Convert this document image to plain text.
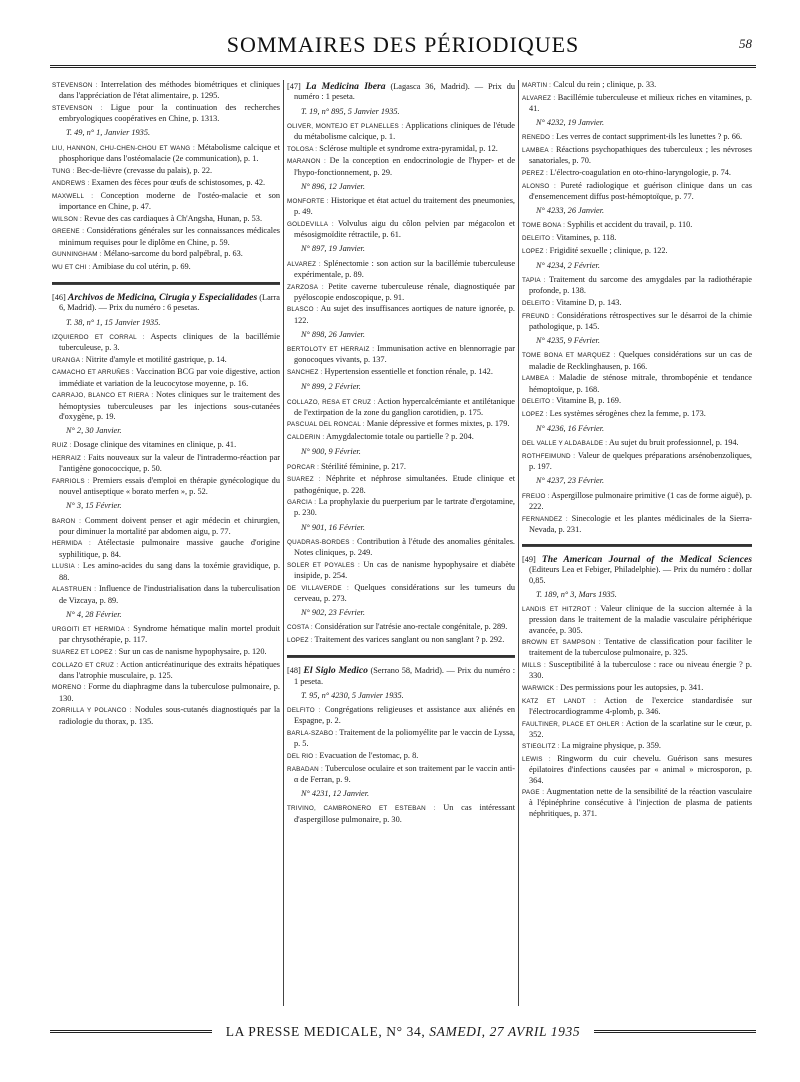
SOMMAIRES DES PÉRIODIQUES	58
STEVENSON : Interrelation des méthodes biométriques et cliniques dans l'appréciation de l'état alimentaire, p. 1295.
STEVENSON : Ligue pour la continuation des recherches embryologiques coopératives en Chine, p. 1313.
T. 49, n° 1, Janvier 1935.
LIU, HANNON, CHU-CHEN-CHOU ET WANG : Métabolisme calcique et phosphorique dans l'ostéomalacie (2e communication), p. 1.
TUNG : Bec-de-lièvre (crevasse du palais), p. 22.
ANDREWS : Examen des fèces pour œufs de schistosomes, p. 42.
MAXWELL : Conception moderne de l'ostéo-malacie et son importance en Chine, p. 47.
WILSON : Revue des cas cardiaques à Ch'Angsha, Hunan, p. 53.
GREENE : Considérations générales sur les connaissances médicales minimum requises pour le diplôme en Chine, p. 59.
GUNNINGHAM : Mélano-sarcome du bord palpébral, p. 63.
WU ET CHI : Amibiase du col utérin, p. 69.
[46] Archivos de Medicina, Cirugia y Especialidades (Larra 6, Madrid). — Prix du numéro : 6 pesetas.
T. 38, n° 1, 15 Janvier 1935.
IZQUIERDO ET CORRAL : Aspects cliniques de la bacillémie tuberculeuse, p. 3.
URANGA : Nitrite d'amyle et motilité gastrique, p. 14.
CAMACHO ET ARRUÑES : Vaccination BCG par voie digestive, action immédiate et variation de la leucocytose moyenne, p. 16.
CARRAJO, BLANCO ET RIERA : Notes cliniques sur le traitement des hémoptysies tuberculeuses par les injections sous-cutanées d'oxygène, p. 19.
N° 2, 30 Janvier.
RUIZ : Dosage clinique des vitamines en clinique, p. 41.
HERRAIZ : Faits nouveaux sur la valeur de l'intradermo-réaction par l'antigène gonococcique, p. 50.
FARRIOLS : Premiers essais d'emploi en thérapie gynécologique du nouvel antiseptique « borato merfen », p. 52.
N° 3, 15 Février.
BARON : Comment doivent penser et agir médecin et chirurgien, pour diminuer la mortalité par abdomen aigu, p. 77.
HERMIDA : Atélectasie pulmonaire massive gauche d'origine syphilitique, p. 84.
LLUSIA : Les amino-acides du sang dans la toxémie gravidique, p. 88.
ALASTRUEN : Influence de l'industrialisation dans la tuberculisation de Vizcaya, p. 89.
N° 4, 28 Février.
URGOITI ET HERMIDA : Syndrome hématique malin mortel produit par chrysothérapie, p. 117.
SUAREZ ET LOPEZ : Sur un cas de nanisme hypophysaire, p. 120.
COLLAZO ET CRUZ : Action anticréatinurique des extraits hépatiques dans l'atrophie musculaire, p. 125.
MORENO : Forme du diaphragme dans la tuberculose pulmonaire, p. 130.
ZORRILLA Y POLANCO : Nodules sous-cutanés diagnostiqués par la radiologie du thorax, p. 135.
[47] La Medicina Ibera (Lagasca 36, Madrid). — Prix du numéro : 1 peseta.
T. 19, n° 895, 5 Janvier 1935.
OLIVER, MONTEJO ET PLANELLES : Applications cliniques de l'étude du métabolisme calcique, p. 1.
TOLOSA : Sclérose multiple et syndrome extra-pyramidal, p. 12.
MARANON : De la conception en endocrinologie de l'hyper- et de l'hypo-fonctionnement, p. 29.
N° 896, 12 Janvier.
MONFORTE : Historique et état actuel du traitement des pneumonies, p. 49.
GOLDEVILLA : Volvulus aigu du côlon pelvien par mégacolon et mésosigmoïdite rétractile, p. 61.
N° 897, 19 Janvier.
ALVAREZ : Splénectomie : son action sur la bacillémie tuberculeuse expérimentale, p. 89.
ZARZOSA : Petite caverne tuberculeuse rénale, diagnostiquée par pyéloscopie endoscopique, p. 91.
BLASCO : Au sujet des insuffisances aortiques de nature ignorée, p. 122.
N° 898, 26 Janvier.
BERTOLOTY ET HERRAIZ : Immunisation active en blennorragie par gonocoques vivants, p. 137.
SANCHEZ : Hypertension essentielle et fonction rénale, p. 142.
N° 899, 2 Février.
COLLAZO, RESA ET CRUZ : Action hypercalcémiante et antilétanique de l'extirpation de la zone du ganglion carotidien, p. 175.
PASCUAL DEL RONCAL : Manie dépressive et formes mixtes, p. 179.
CALDERIN : Amygdalectomie totale ou partielle ? p. 204.
N° 900, 9 Février.
PORCAR : Stérilité féminine, p. 217.
SUAREZ : Néphrite et néphrose simultanées. Etude clinique et pathogénique, p. 228.
GARCIA : La prophylaxie du puerperium par le tartrate d'ergotamine, p. 230.
N° 901, 16 Février.
QUADRAS-BORDES : Contribution à l'étude des anomalies génitales. Notes cliniques, p. 249.
SOLER ET POYALES : Un cas de nanisme hypophysaire et diabète insipide, p. 254.
DE VILLAVERDE : Quelques considérations sur les tumeurs du cerveau, p. 273.
N° 902, 23 Février.
COSTA : Considération sur l'atrésie ano-rectale congénitale, p. 289.
LOPEZ : Traitement des varices sanglant ou non sanglant ? p. 292.
[48] El Siglo Medico (Serrano 58, Madrid). — Prix du numéro : 1 peseta.
T. 95, n° 4230, 5 Janvier 1935.
DELFITO : Congrégations religieuses et assistance aux aliénés en Espagne, p. 2.
BARLA-SZABO : Traitement de la poliomyélite par le vaccin de Lyssa, p. 5.
DEL RIO : Evacuation de l'estomac, p. 8.
RABADAN : Tuberculose oculaire et son traitement par le vaccin anti-α de Ferran, p. 9.
N° 4231, 12 Janvier.
TRIVINO, CAMBRONERO ET ESTEBAN : Un cas intéressant d'aspergillose pulmonaire, p. 30.
MARTIN : Calcul du rein ; clinique, p. 33.
ALVAREZ : Bacillémie tuberculeuse et milieux riches en vitamines, p. 41.
N° 4232, 19 Janvier.
RENEDO : Les verres de contact suppriment-ils les lunettes ? p. 66.
LAMBEA : Réactions psychopathiques des tuberculeux ; les névroses sanatoriales, p. 70.
PEREZ : L'électro-coagulation en oto-rhino-laryngologie, p. 74.
ALONSO : Pureté radiologique et guérison clinique dans un cas d'ensemencement diffus post-hémoptoïque, p. 77.
N° 4233, 26 Janvier.
TOME BONA : Syphilis et accident du travail, p. 110.
DELEITO : Vitamines, p. 118.
LOPEZ : Frigidité sexuelle ; clinique, p. 122.
N° 4234, 2 Février.
TAPIA : Traitement du sarcome des amygdales par la radiothérapie profonde, p. 138.
DELEITO : Vitamine D, p. 143.
FREUND : Considérations rétrospectives sur le désarroi de la chimie pathologique, p. 145.
N° 4235, 9 Février.
TOME BONA ET MARQUEZ : Quelques considérations sur un cas de maladie de Recklinghausen, p. 166.
LAMBEA : Maladie de sténose mitrale, thrombopénie et tendance hémoptoïque, p. 168.
DELEITO : Vitamine B, p. 169.
LOPEZ : Les systèmes sérogènes chez la femme, p. 173.
N° 4236, 16 Février.
DEL VALLE Y ALDABALDE : Au sujet du bruit professionnel, p. 194.
ROTHFEIMUND : Valeur de quelques préparations arsénobenzoliques, p. 197.
N° 4237, 23 Février.
FREIJO : Aspergillose pulmonaire primitive (1 cas de forme aiguë), p. 222.
FERNANDEZ : Sinecologie et les plantes médicinales de la Sierra-Nevada, p. 231.
[49] The American Journal of the Medical Sciences (Editeurs Lea et Febiger, Philadelphie). — Prix du numéro : dollar 0,85.
T. 189, n° 3, Mars 1935.
LANDIS ET HITZROT : Valeur clinique de la succion alternée à la pression dans le traitement de la maladie vasculaire périphérique avancée, p. 305.
BROWN ET SAMPSON : Tentative de classification pour faciliter le traitement de la tuberculose pulmonaire, p. 325.
MILLS : Susceptibilité à la tuberculose : race ou niveau énergie ? p. 330.
WARWICK : Des permissions pour les autopsies, p. 341.
KATZ ET LANDT : Action de l'exercice standardisée sur l'électrocardiogramme 4-plomb, p. 346.
FAULTINER, PLACE ET OHLER : Action de la scarlatine sur le cœur, p. 352.
STIEGLITZ : La migraine physique, p. 359.
LEWIS : Ringworm du cuir chevelu. Guérison sans mesures épilatoires d'infections causées par « animal » microsporon, p. 364.
PAGE : Augmentation nette de la sensibilité de la réaction vasculaire à l'épinéphrine consécutive à l'injection de plasma de patients néphritiques, p. 371.
LA PRESSE MEDICALE, N° 34, SAMEDI, 27 AVRIL 1935
